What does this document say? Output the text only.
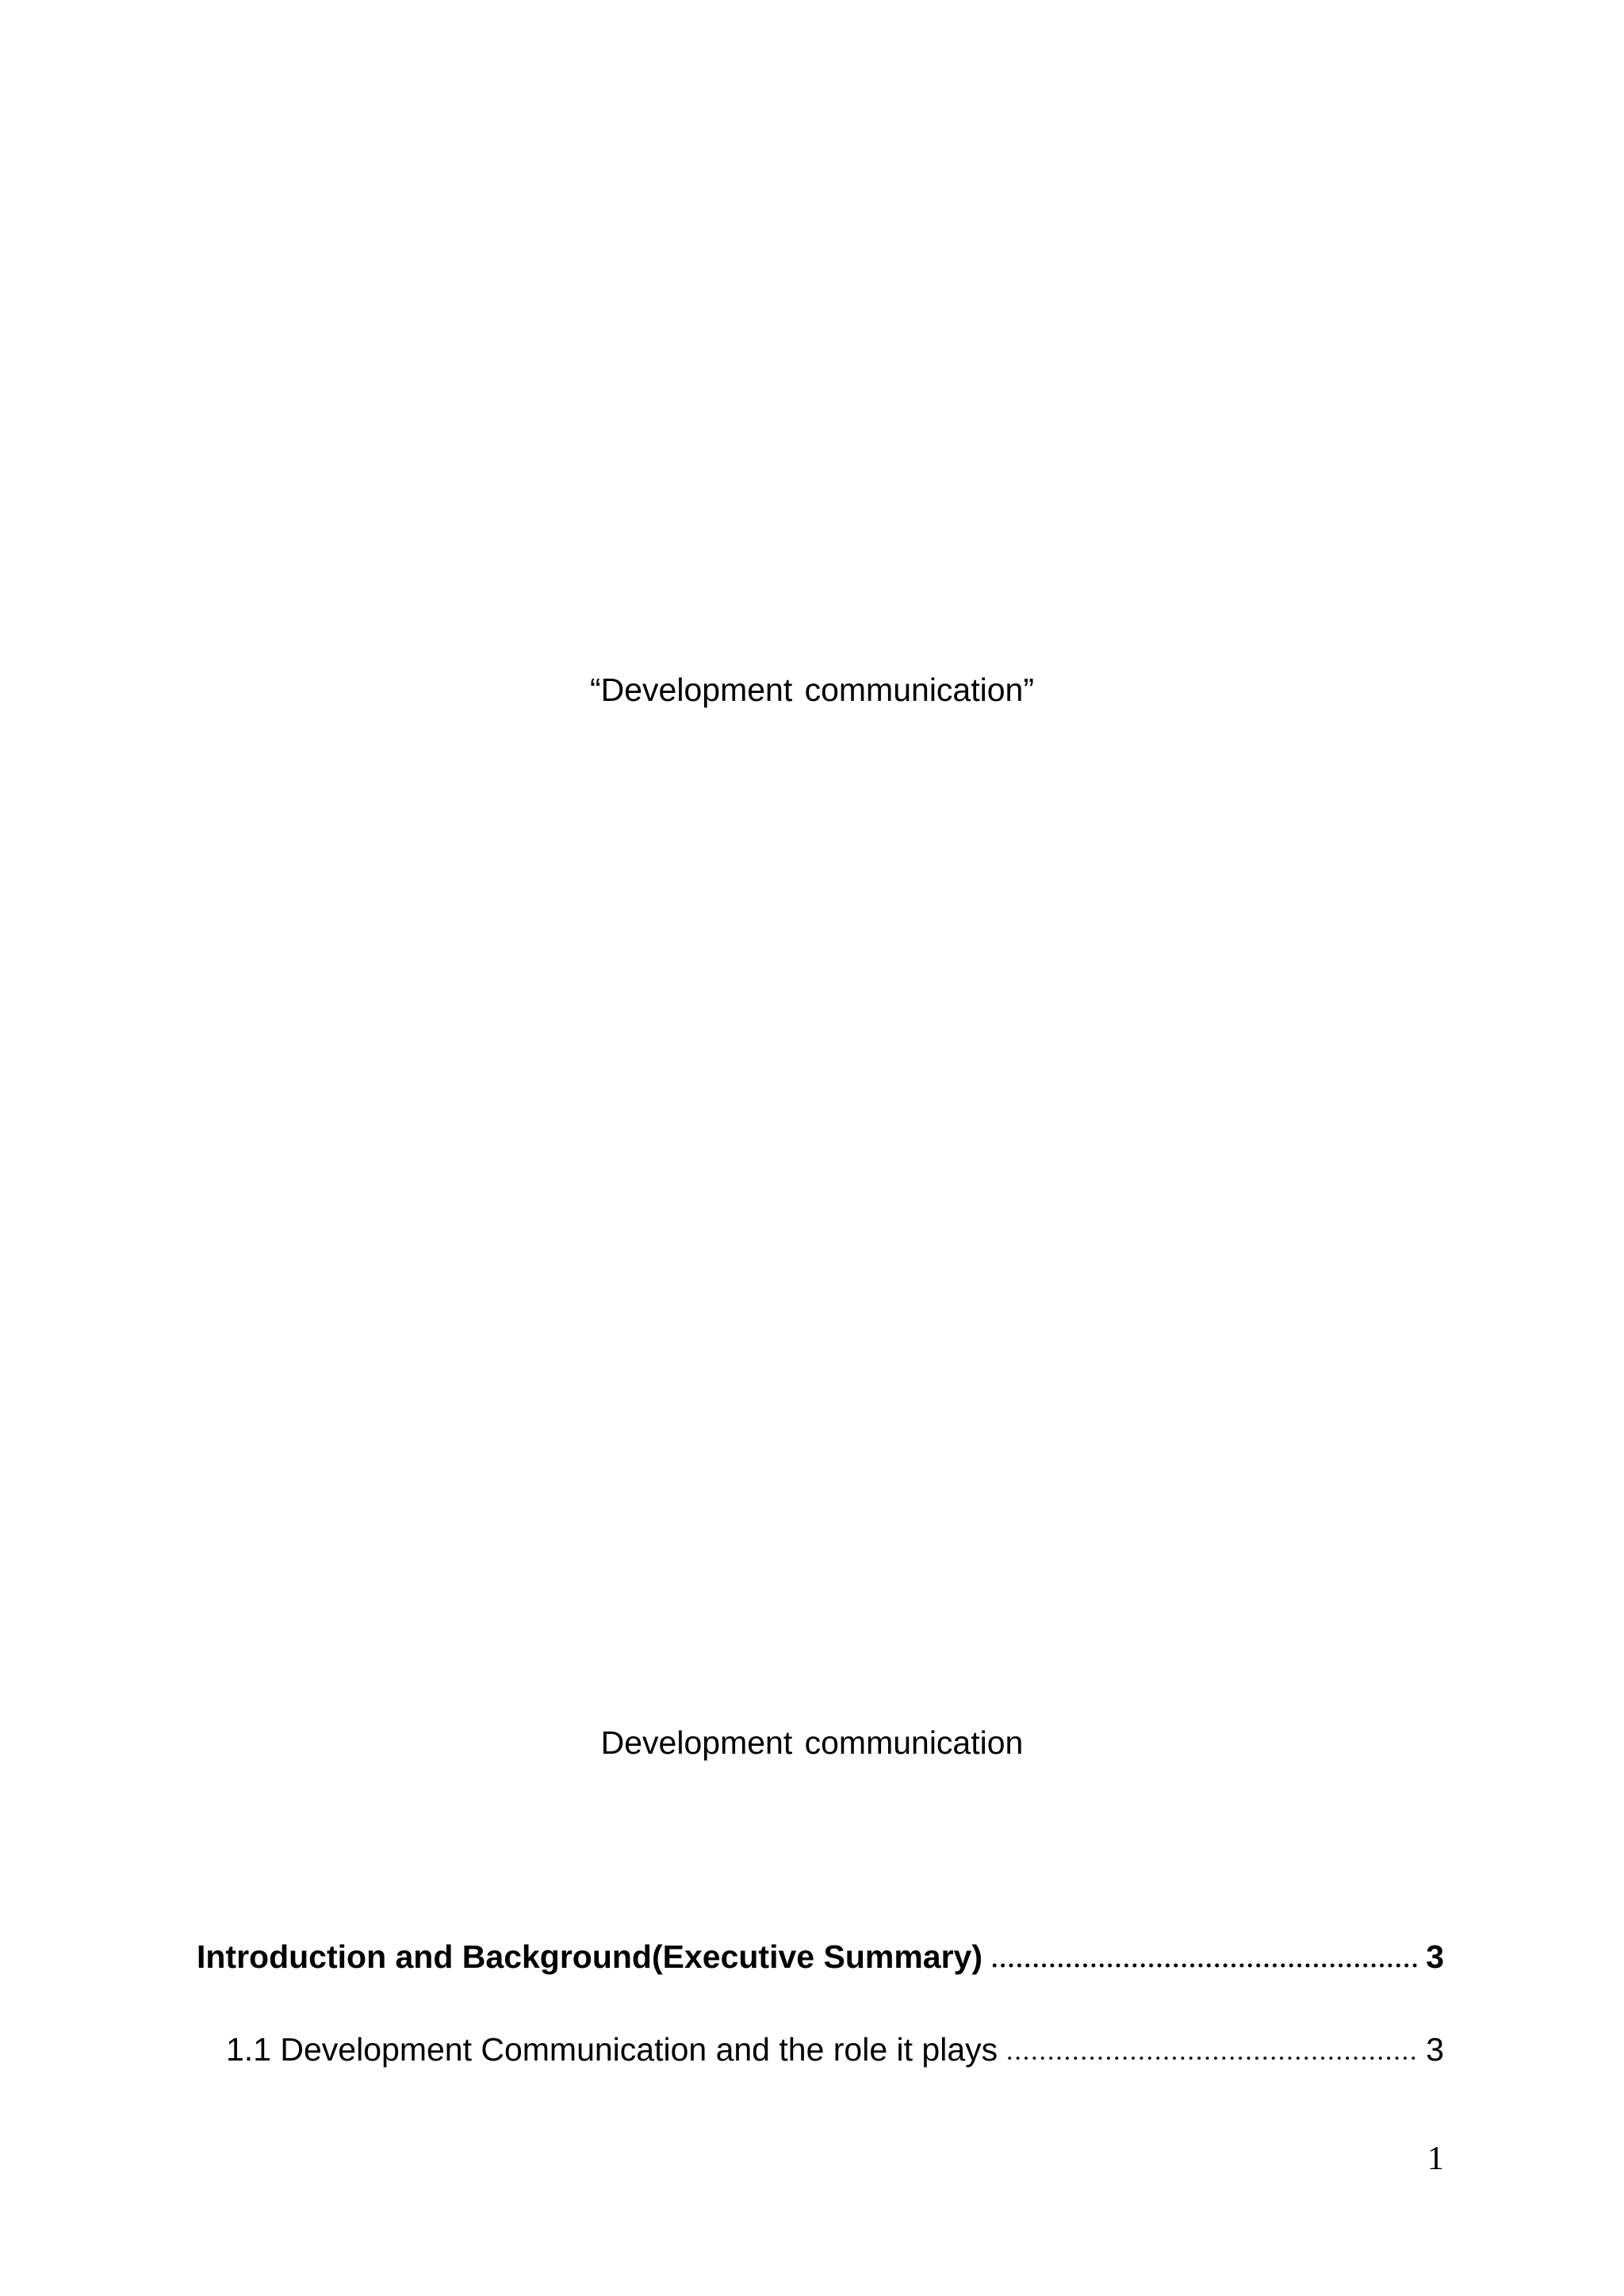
“Development communication”
Development communication
Introduction and Background(Executive Summary)	3
1.1 Development Communication and the role it plays	3
1
